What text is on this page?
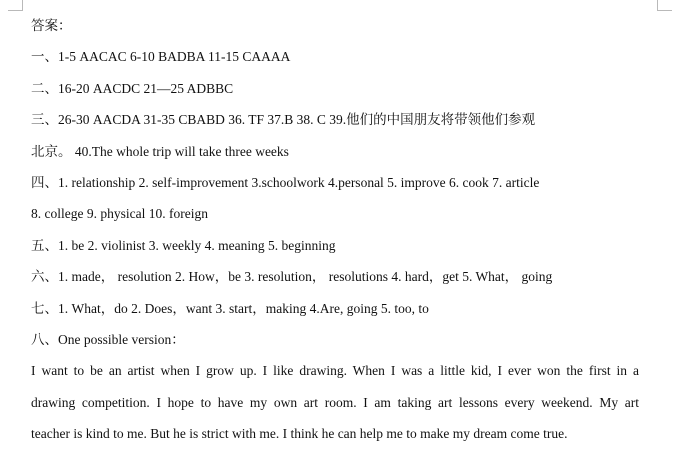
答案：
一、1-5 AACAC 6-10 BADBA 11-15 CAAAA
二、16-20 AACDC 21—25 ADBBC
三、26-30 AACDA 31-35 CBABD 36. TF 37.B 38. C 39.他们的中国朋友将带领他们参观
北京。 40.The whole trip will take three weeks
四、1. relationship 2. self-improvement 3.schoolwork 4.personal 5. improve 6. cook 7. article
8. college 9. physical 10. foreign
五、1. be 2. violinist 3. weekly 4. meaning 5. beginning
六、1. made， resolution 2. How，be 3. resolution， resolutions 4. hard，get 5. What， going
七、1. What，do 2. Does，want 3. start，making 4.Are, going 5. too, to
八、One possible version：
I want to be an artist when I grow up. I like drawing. When I was a little kid, I ever won the first in a
drawing competition. I hope to have my own art room. I am taking art lessons every weekend. My art
teacher is kind to me. But he is strict with me. I think he can help me to make my dream come true.
